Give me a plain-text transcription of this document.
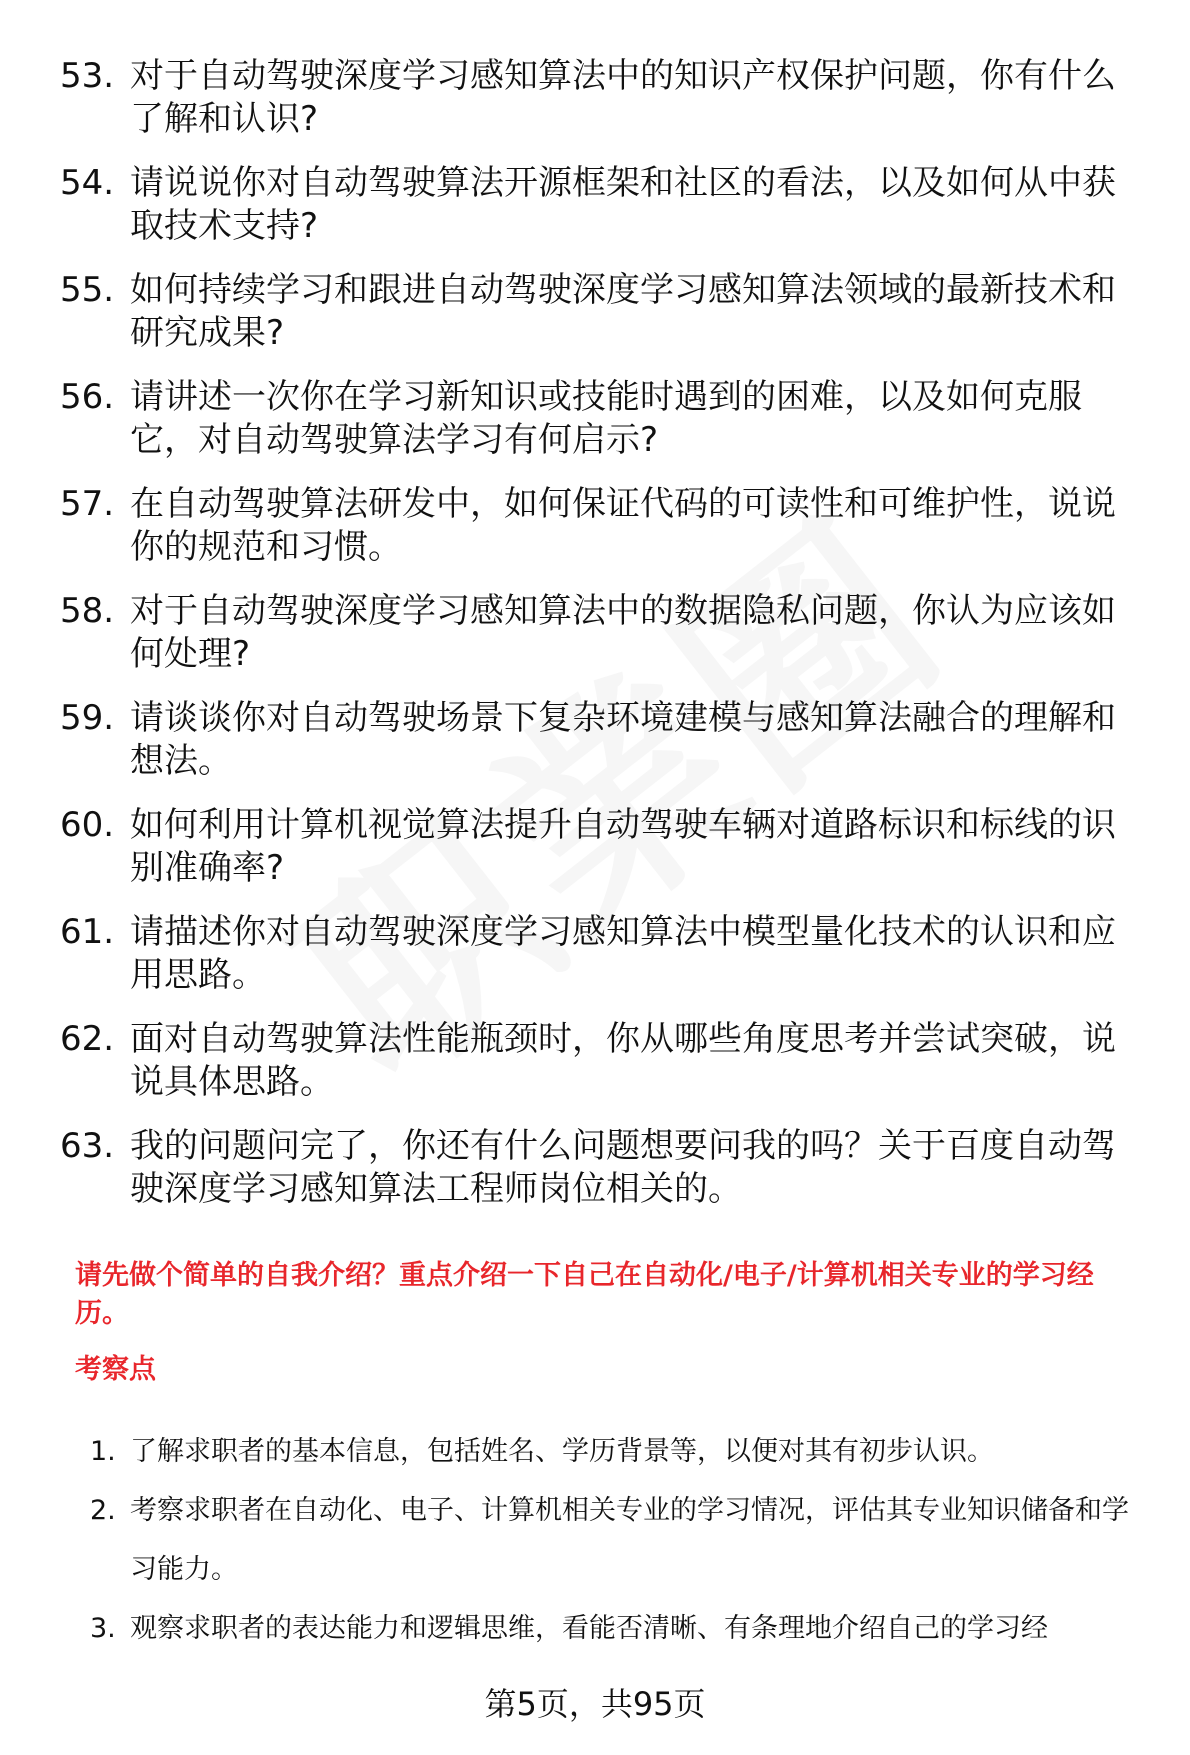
53. 对于自动驾驶深度学习感知算法中的知识产权保护问题，你有什么了解和认识?
54. 请说说你对自动驾驶算法开源框架和社区的看法，以及如何从中获取技术支持?
55. 如何持续学习和跟进自动驾驶深度学习感知算法领域的最新技术和研究成果?
56. 请讲述一次你在学习新知识或技能时遇到的困难，以及如何克服它，对自动驾驶算法学习有何启示?
57. 在自动驾驶算法研发中，如何保证代码的可读性和可维护性，说说你的规范和习惯。
58. 对于自动驾驶深度学习感知算法中的数据隐私问题，你认为应该如何处理?
59. 请谈谈你对自动驾驶场景下复杂环境建模与感知算法融合的理解和想法。
60. 如何利用计算机视觉算法提升自动驾驶车辆对道路标识和标线的识别准确率?
61. 请描述你对自动驾驶深度学习感知算法中模型量化技术的认识和应用思路。
62. 面对自动驾驶算法性能瓶颈时，你从哪些角度思考并尝试突破，说说具体思路。
63. 我的问题问完了，你还有什么问题想要问我的吗？关于百度自动驾驶深度学习感知算法工程师岗位相关的。
请先做个简单的自我介绍？重点介绍一下自己在自动化/电子/计算机相关专业的学习经历。
考察点
1. 了解求职者的基本信息，包括姓名、学历背景等，以便对其有初步认识。
2. 考察求职者在自动化、电子、计算机相关专业的学习情况，评估其专业知识储备和学习能力。
3. 观察求职者的表达能力和逻辑思维，看能否清晰、有条理地介绍自己的学习经
第5页，共95页
